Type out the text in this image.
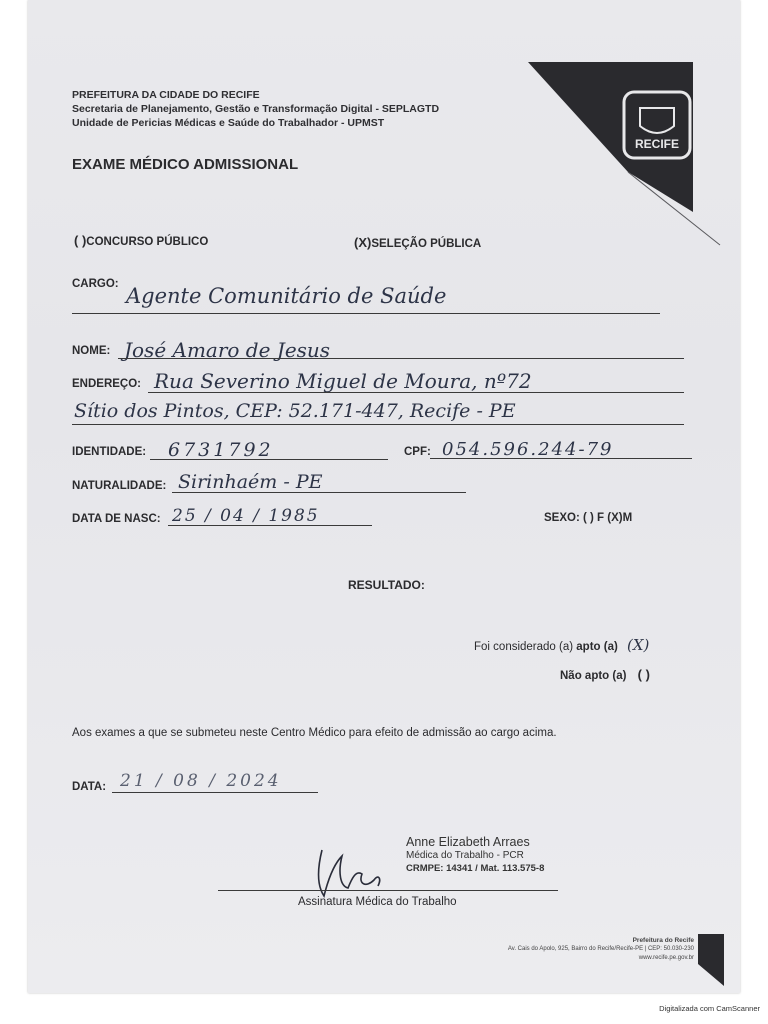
PREFEITURA DA CIDADE DO RECIFE
Secretaria de Planejamento, Gestão e Transformação Digital - SEPLAGTD
Unidade de Pericias Médicas e Saúde do Trabalhador - UPMST
RECIFE
EXAME MÉDICO ADMISSIONAL
( )CONCURSO PÚBLICO	(X)SELEÇÃO PÚBLICA
CARGO: Agente Comunitário de Saúde
NOME: José Amaro de Jesus
ENDEREÇO: Rua Severino Miguel de Moura, nº72
Sítio dos Pintos, CEP: 52.171-447, Recife - PE
IDENTIDADE: 6731792	CPF: 054.596.244-79
NATURALIDADE: Sirinhaém - PE
DATA DE NASC: 25 / 04 / 1985	SEXO: ( ) F (X)M
RESULTADO:
Foi considerado (a) apto (a) (X)
Não apto (a) ( )
Aos exames a que se submeteu neste Centro Médico para efeito de admissão ao cargo acima.
DATA: 21 / 08 / 2024
Anne Elizabeth Arraes
Médica do Trabalho - PCR
CRMPE: 14341 / Mat. 113.575-8
Assinatura Médica do Trabalho
Prefeitura do Recife
Av. Cais do Apolo, 925, Bairro do Recife/Recife-PE | CEP: 50.030-230
www.recife.pe.gov.br
Digitalizada com CamScanner
